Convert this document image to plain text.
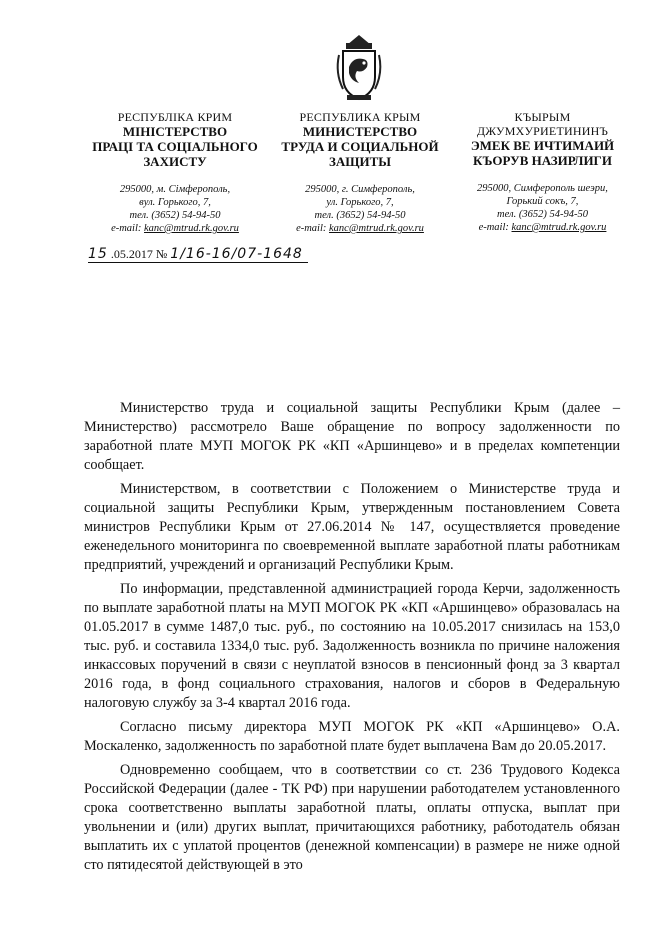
РЕСПУБЛІКА КРИМ
МІНІСТЕРСТВО
ПРАЦІ ТА СОЦІАЛЬНОГО
ЗАХИСТУ
295000, м. Сімферополь,
вул. Горького, 7,
тел. (3652) 54-94-50
e-mail: kanc@mtrud.rk.gov.ru
РЕСПУБЛИКА КРЫМ
МИНИСТЕРСТВО
ТРУДА И СОЦИАЛЬНОЙ
ЗАЩИТЫ
295000, г. Симферополь,
ул. Горького, 7,
тел. (3652) 54-94-50
e-mail: kanc@mtrud.rk.gov.ru
КЪЫРЫМ
ДЖУМХУРИЕТИНИНЪ
ЭМЕК ВЕ ИЧТИМАИЙ
КЪОРУВ НАЗИРЛИГИ
295000, Симферополь шеэри,
Горький сокъ, 7,
тел. (3652) 54-94-50
e-mail: kanc@mtrud.rk.gov.ru
15 .05.2017 № 1/16-16/07-1648

Министерство труда и социальной защиты Республики Крым (далее – Министерство) рассмотрело Ваше обращение по вопросу задолженности по заработной плате МУП МОГОК РК «КП «Аршинцево» и в пределах компетенции сообщает.

Министерством, в соответствии с Положением о Министерстве труда и социальной защиты Республики Крым, утвержденным постановлением Совета министров Республики Крым от 27.06.2014 № 147, осуществляется проведение еженедельного мониторинга по своевременной выплате заработной платы работникам предприятий, учреждений и организаций Республики Крым.

По информации, представленной администрацией города Керчи, задолженность по выплате заработной платы на МУП МОГОК РК «КП «Аршинцево» образовалась на 01.05.2017 в сумме 1487,0 тыс. руб., по состоянию на 10.05.2017 снизилась на 153,0 тыс. руб. и составила 1334,0 тыс. руб. Задолженность возникла по причине наложения инкассовых поручений в связи с неуплатой взносов в пенсионный фонд за 3 квартал 2016 года, в фонд социального страхования, налогов и сборов в Федеральную налоговую службу за 3-4 квартал 2016 года.

Согласно письму директора МУП МОГОК РК «КП «Аршинцево» О.А. Москаленко, задолженность по заработной плате будет выплачена Вам до 20.05.2017.

Одновременно сообщаем, что в соответствии со ст. 236 Трудового Кодекса Российской Федерации (далее - ТК РФ) при нарушении работодателем установленного срока соответственно выплаты заработной платы, оплаты отпуска, выплат при увольнении и (или) других выплат, причитающихся работнику, работодатель обязан выплатить их с уплатой процентов (денежной компенсации) в размере не ниже одной сто пятидесятой действующей в это
